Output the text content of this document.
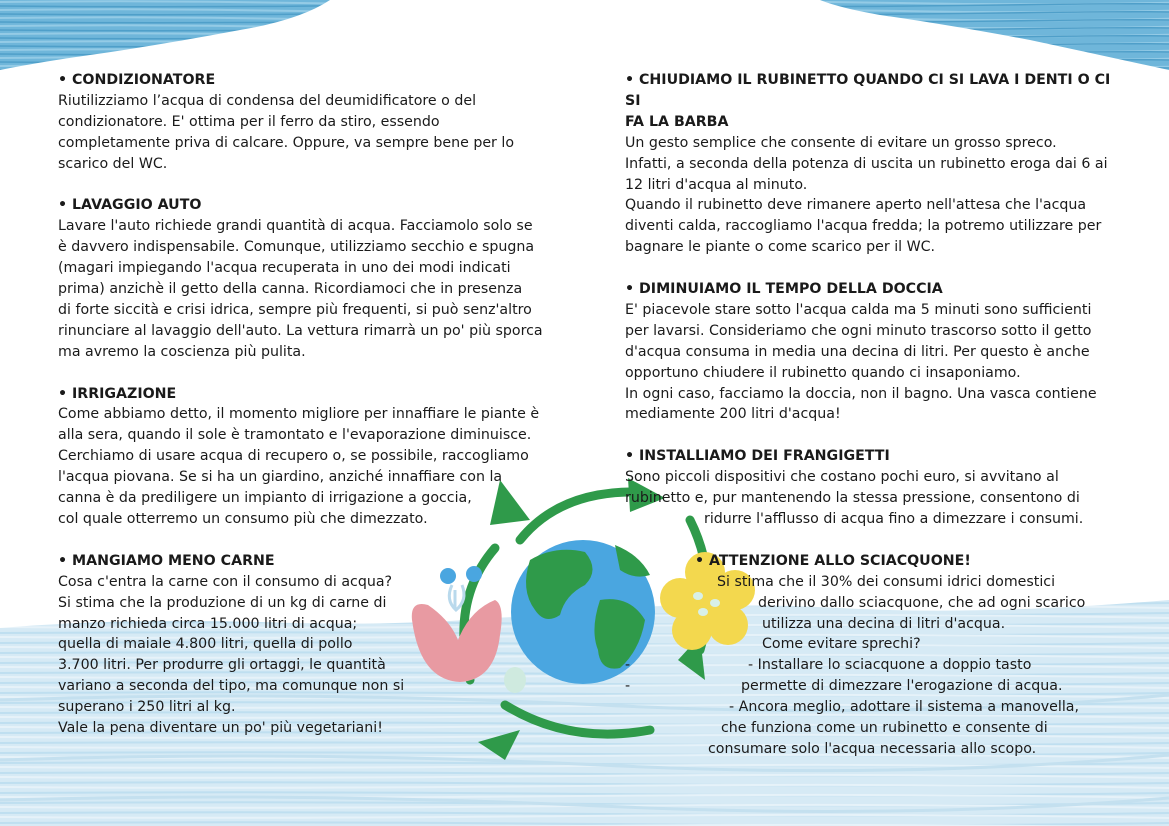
• CONDIZIONATORE
Riutilizziamo l’acqua di condensa del deumidificatore o del
condizionatore. E' ottima per il ferro da stiro, essendo
completamente priva di calcare. Oppure, va sempre bene per lo
scarico del WC.
• LAVAGGIO AUTO
Lavare l'auto richiede grandi quantità di acqua. Facciamolo solo se
è davvero indispensabile. Comunque, utilizziamo secchio e spugna
(magari impiegando l'acqua recuperata in uno dei modi indicati
prima) anzichè il getto della canna. Ricordiamoci che in presenza
di forte siccità e crisi idrica, sempre più frequenti, si può senz'altro
rinunciare al lavaggio dell'auto. La vettura rimarrà un po' più sporca
ma avremo la coscienza più pulita.
• IRRIGAZIONE
Come abbiamo detto, il momento migliore per innaffiare le piante è
alla sera, quando il sole è tramontato e l'evaporazione diminuisce.
Cerchiamo di usare acqua di recupero o, se possibile, raccogliamo
l'acqua piovana. Se si ha un giardino, anziché innaffiare con la
canna è da prediligere un impianto di irrigazione a goccia,
col quale otterremo un consumo più che dimezzato.
• MANGIAMO MENO CARNE
Cosa c'entra la carne con il consumo di acqua?
Si stima che la produzione di un kg di carne di
manzo richieda circa 15.000 litri di acqua;
quella di maiale 4.800 litri, quella di pollo
3.700 litri. Per produrre gli ortaggi, le quantità
variano a seconda del tipo, ma comunque non si
superano i 250 litri al kg.
Vale la pena diventare un po' più vegetariani!
• CHIUDIAMO IL RUBINETTO QUANDO CI SI LAVA I DENTI O CI SI
FA LA BARBA
Un gesto semplice che consente di evitare un grosso spreco.
Infatti, a seconda della potenza di uscita un rubinetto eroga dai 6 ai
12 litri d'acqua al minuto.
Quando il rubinetto deve rimanere aperto nell'attesa che l'acqua
diventi calda, raccogliamo l'acqua fredda; la potremo utilizzare per
bagnare le piante o come scarico per il WC.
• DIMINUIAMO IL TEMPO DELLA DOCCIA
E' piacevole stare sotto l'acqua calda ma 5 minuti sono sufficienti
per lavarsi. Consideriamo che ogni minuto trascorso sotto il getto
d'acqua consuma in media una decina di litri. Per questo è anche
opportuno chiudere il rubinetto quando ci insaponiamo.
In ogni caso, facciamo la doccia, non il bagno. Una vasca contiene
mediamente 200 litri d'acqua!
• INSTALLIAMO DEI FRANGIGETTI
Sono piccoli dispositivi che costano pochi euro, si avvitano al
rubinetto e, pur mantenendo la stessa pressione, consentono di
ridurre l'afflusso di acqua fino a dimezzare i consumi.
• ATTENZIONE ALLO SCIACQUONE!
Si stima che il 30% dei consumi idrici domestici
derivino dallo sciacquone, che ad ogni scarico
utilizza una decina di litri d'acqua.
Come evitare sprechi?
-	- Installare lo sciacquone a doppio tasto
-	permette di dimezzare l'erogazione di acqua.
- Ancora meglio, adottare il sistema a manovella,
che funziona come un rubinetto e consente di
consumare solo l'acqua necessaria allo scopo.
